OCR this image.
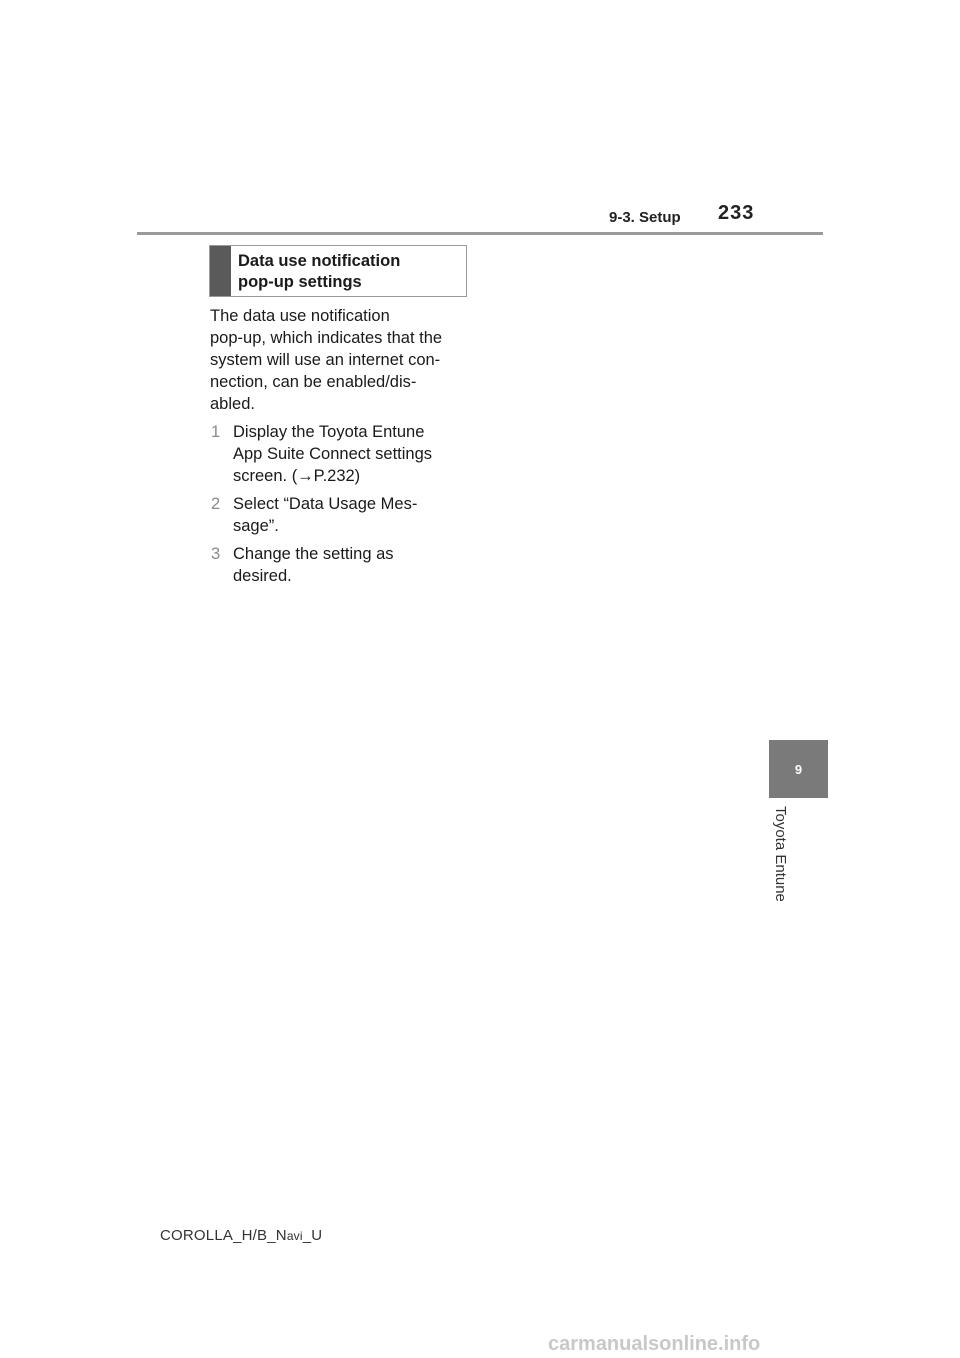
9-3. Setup 233
Data use notification
pop-up settings

The data use notification
pop-up, which indicates that the
system will use an internet con-
nection, can be enabled/dis-
abled.

1 Display the Toyota Entune
App Suite Connect settings
screen. (→P.232)
2 Select “Data Usage Mes-
sage”.
3 Change the setting as
desired.
9
Toyota Entune
COROLLA_H/B_Navi_U
carmanualsonline.info
